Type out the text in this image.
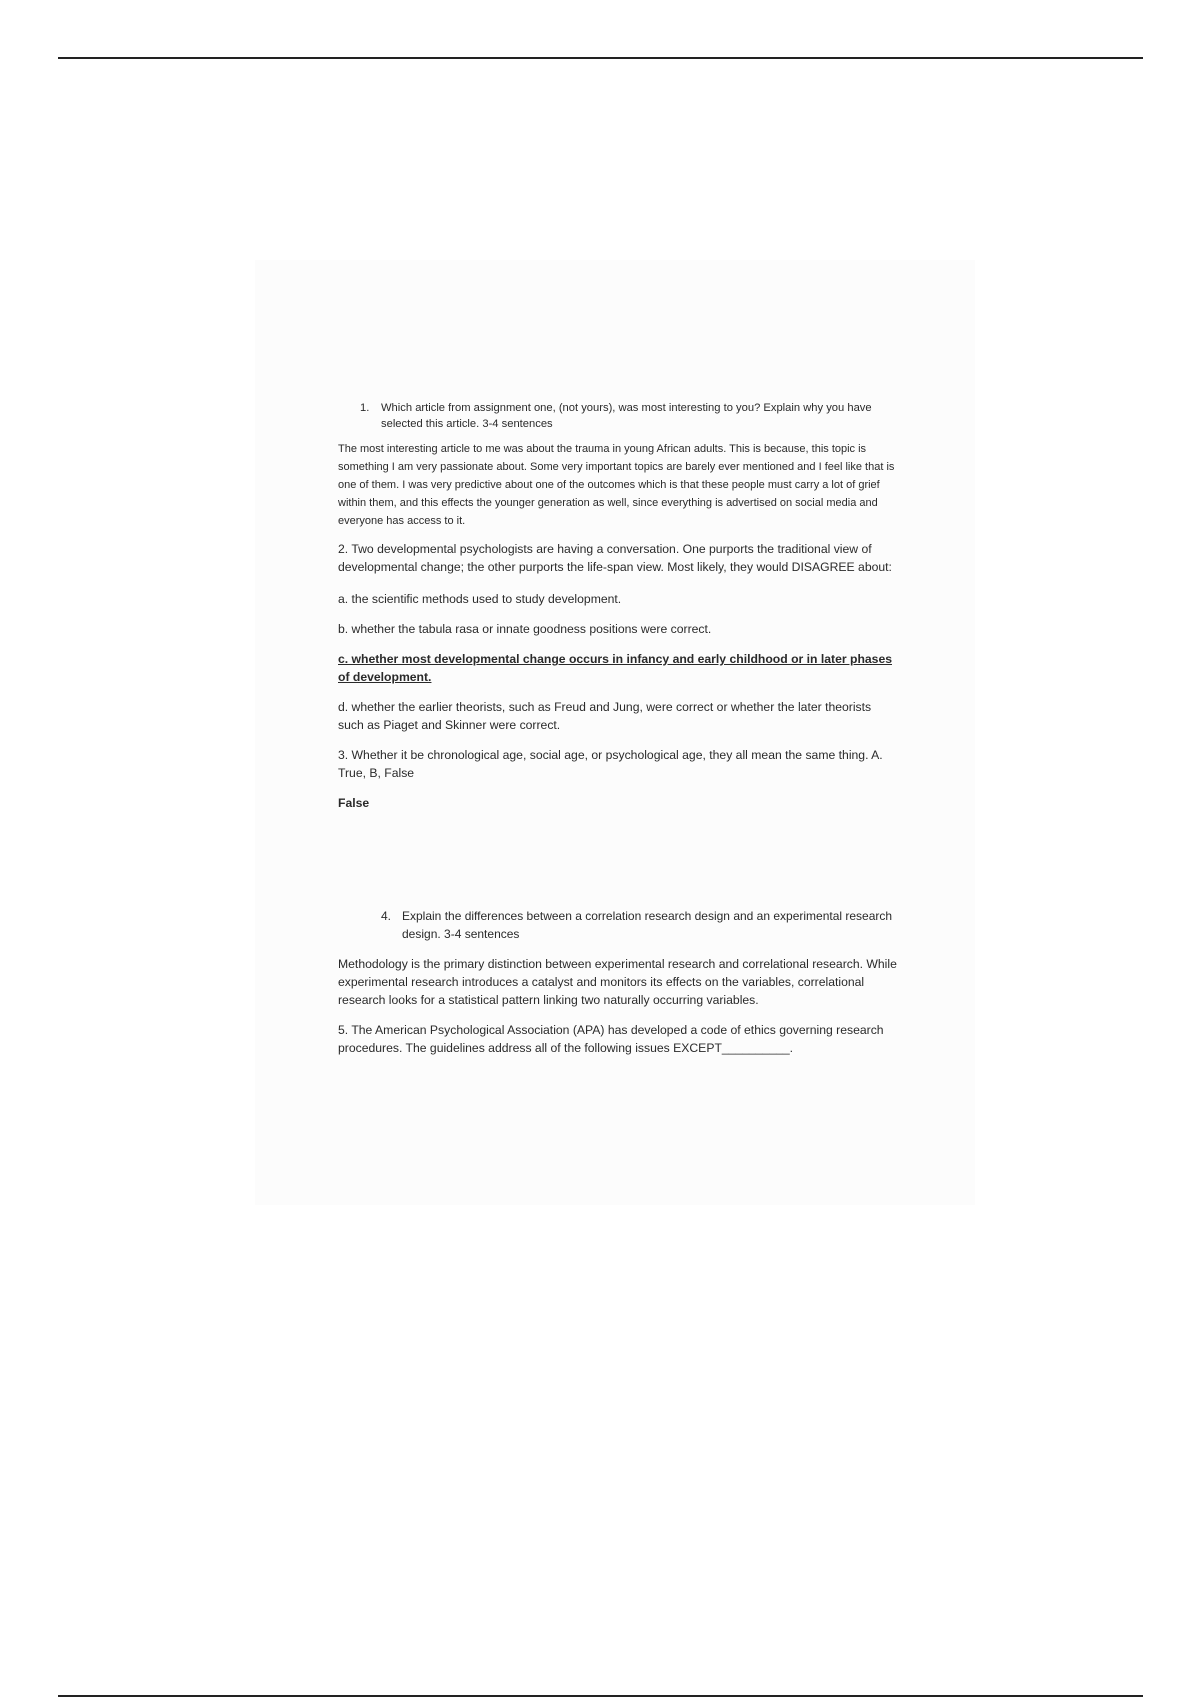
1.	Which article from assignment one, (not yours), was most interesting to you? Explain why you have selected this article. 3-4 sentences

The most interesting article to me was about the trauma in young African adults. This is because, this topic is something I am very passionate about. Some very important topics are barely ever mentioned and I feel like that is one of them. I was very predictive about one of the outcomes which is that these people must carry a lot of grief within them, and this effects the younger generation as well, since everything is advertised on social media and everyone has access to it.

2. Two developmental psychologists are having a conversation. One purports the traditional view of developmental change; the other purports the life-span view. Most likely, they would DISAGREE about:

a. the scientific methods used to study development.

b. whether the tabula rasa or innate goodness positions were correct.

c. whether most developmental change occurs in infancy and early childhood or in later phases of development.

d. whether the earlier theorists, such as Freud and Jung, were correct or whether the later theorists such as Piaget and Skinner were correct.

3. Whether it be chronological age, social age, or psychological age, they all mean the same thing. A. True, B, False

False

4. Explain the differences between a correlation research design and an experimental research design. 3-4 sentences

Methodology is the primary distinction between experimental research and correlational research. While experimental research introduces a catalyst and monitors its effects on the variables, correlational research looks for a statistical pattern linking two naturally occurring variables.

5. The American Psychological Association (APA) has developed a code of ethics governing research procedures. The guidelines address all of the following issues EXCEPT__________.
